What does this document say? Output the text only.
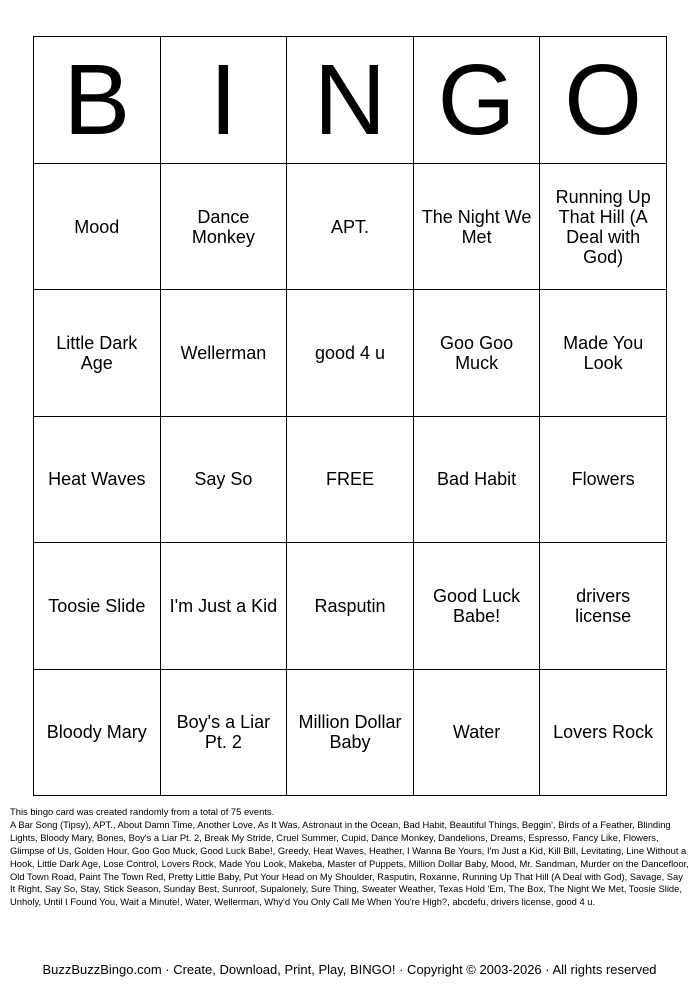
B	I	N	G	O

Mood	Dance Monkey	APT.	The Night We Met	Running Up That Hill (A Deal with God)

Little Dark Age	Wellerman	good 4 u	Goo Goo Muck	Made You Look

Heat Waves	Say So	FREE	Bad Habit	Flowers

Toosie Slide	I'm Just a Kid	Rasputin	Good Luck Babe!	drivers license

Bloody Mary	Boy's a Liar Pt. 2	Million Dollar Baby	Water	Lovers Rock

This bingo card was created randomly from a total of 75 events.

A Bar Song (Tipsy), APT., About Damn Time, Another Love, As It Was, Astronaut in the Ocean, Bad Habit, Beautiful Things, Beggin', Birds of a Feather, Blinding Lights, Bloody Mary, Bones, Boy's a Liar Pt. 2, Break My Stride, Cruel Summer, Cupid, Dance Monkey, Dandelions, Dreams, Espresso, Fancy Like, Flowers, Glimpse of Us, Golden Hour, Goo Goo Muck, Good Luck Babe!, Greedy, Heat Waves, Heather, I Wanna Be Yours, I'm Just a Kid, Kill Bill, Levitating, Line Without a Hook, Little Dark Age, Lose Control, Lovers Rock, Made You Look, Makeba, Master of Puppets, Million Dollar Baby, Mood, Mr. Sandman, Murder on the Dancefloor, Old Town Road, Paint The Town Red, Pretty Little Baby, Put Your Head on My Shoulder, Rasputin, Roxanne, Running Up That Hill (A Deal with God), Savage, Say It Right, Say So, Stay, Stick Season, Sunday Best, Sunroof, Supalonely, Sure Thing, Sweater Weather, Texas Hold 'Em, The Box, The Night We Met, Toosie Slide, Unholy, Until I Found You, Wait a Minute!, Water, Wellerman, Why'd You Only Call Me When You're High?, abcdefu, drivers license, good 4 u.

BuzzBuzzBingo.com · Create, Download, Print, Play, BINGO! · Copyright © 2003-2026 · All rights reserved
